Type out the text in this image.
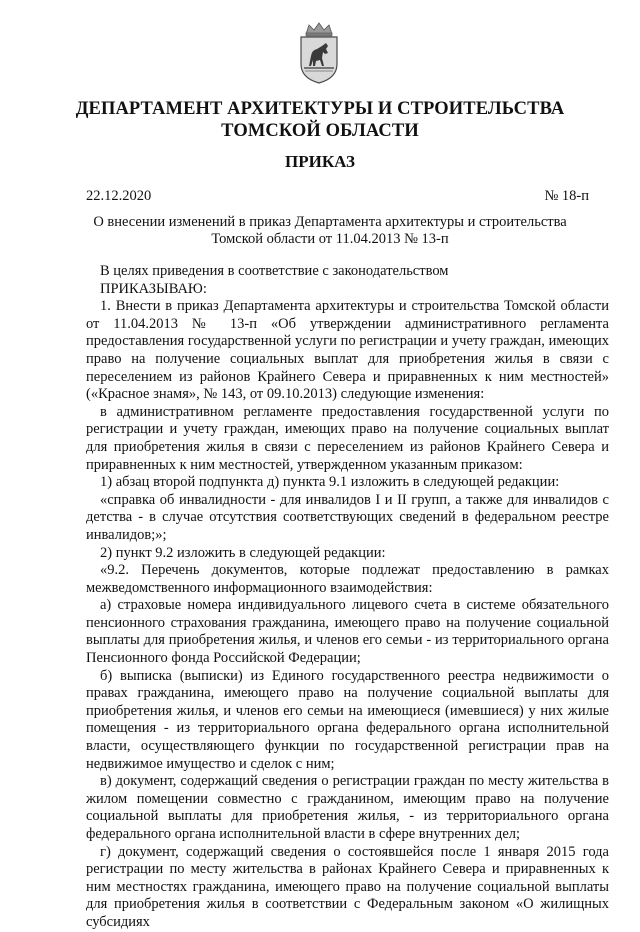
ДЕПАРТАМЕНТ АРХИТЕКТУРЫ И СТРОИТЕЛЬСТВА
ТОМСКОЙ ОБЛАСТИ
ПРИКАЗ
22.12.2020	№ 18-п
О внесении изменений в приказ Департамента архитектуры и строительства Томской области от 11.04.2013 № 13-п

В целях приведения в соответствие с законодательством

ПРИКАЗЫВАЮ:

1. Внести в приказ Департамента архитектуры и строительства Томской области от 11.04.2013 № 13-п «Об утверждении административного регламента предоставления государственной услуги по регистрации и учету граждан, имеющих право на получение социальных выплат для приобретения жилья в связи с переселением из районов Крайнего Севера и приравненных к ним местностей» («Красное знамя», № 143, от 09.10.2013) следующие изменения:

в административном регламенте предоставления государственной услуги по регистрации и учету граждан, имеющих право на получение социальных выплат для приобретения жилья в связи с переселением из районов Крайнего Севера и приравненных к ним местностей, утвержденном указанным приказом:

1) абзац второй подпункта д) пункта 9.1 изложить в следующей редакции:

«справка об инвалидности - для инвалидов I и II групп, а также для инвалидов с детства - в случае отсутствия соответствующих сведений в федеральном реестре инвалидов;»;

2) пункт 9.2 изложить в следующей редакции:

«9.2. Перечень документов, которые подлежат предоставлению в рамках межведомственного информационного взаимодействия:

а) страховые номера индивидуального лицевого счета в системе обязательного пенсионного страхования гражданина, имеющего право на получение социальной выплаты для приобретения жилья, и членов его семьи - из территориального органа Пенсионного фонда Российской Федерации;

б) выписка (выписки) из Единого государственного реестра недвижимости о правах гражданина, имеющего право на получение социальной выплаты для приобретения жилья, и членов его семьи на имеющиеся (имевшиеся) у них жилые помещения - из территориального органа федерального органа исполнительной власти, осуществляющего функции по государственной регистрации прав на недвижимое имущество и сделок с ним;

в) документ, содержащий сведения о регистрации граждан по месту жительства в жилом помещении совместно с гражданином, имеющим право на получение социальной выплаты для приобретения жилья, - из территориального органа федерального органа исполнительной власти в сфере внутренних дел;

г) документ, содержащий сведения о состоявшейся после 1 января 2015 года регистрации по месту жительства в районах Крайнего Севера и приравненных к ним местностях гражданина, имеющего право на получение социальной выплаты для приобретения жилья в соответствии с Федеральным законом «О жилищных субсидиях
